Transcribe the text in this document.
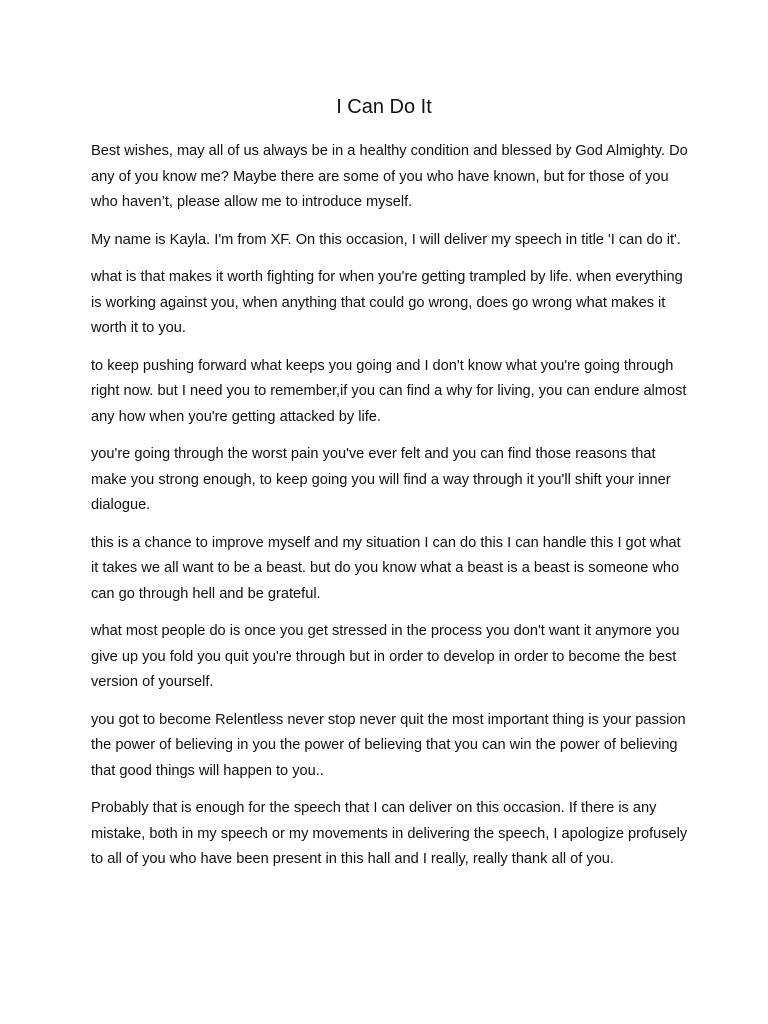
I Can Do It

Best wishes, may all of us always be in a healthy condition and blessed by God Almighty. Do any of you know me? Maybe there are some of you who have known, but for those of you who haven’t, please allow me to introduce myself.

My name is Kayla. I'm from XF. On this occasion, I will deliver my speech in title 'I can do it'.

what is that makes it worth fighting for when you're getting trampled by life. when everything is working against you, when anything that could go wrong, does go wrong what makes it worth it to you.

to keep pushing forward what keeps you going and I don't know what you're going through right now. but I need you to remember,if you can find a why for living, you can endure almost any how when you're getting attacked by life.

you're going through the worst pain you've ever felt and you can find those reasons that make you strong enough, to keep going you will find a way through it you'll shift your inner dialogue.

this is a chance to improve myself and my situation I can do this I can handle this I got what it takes we all want to be a beast. but do you know what a beast is a beast is someone who can go through hell and be grateful.

what most people do is once you get stressed in the process you don't want it anymore you give up you fold you quit you're through but in order to develop in order to become the best version of yourself.

you got to become Relentless never stop never quit the most important thing is your passion the power of believing in you the power of believing that you can win the power of believing that good things will happen to you..

Probably that is enough for the speech that I can deliver on this occasion. If there is any mistake, both in my speech or my movements in delivering the speech, I apologize profusely to all of you who have been present in this hall and I really, really thank all of you.
